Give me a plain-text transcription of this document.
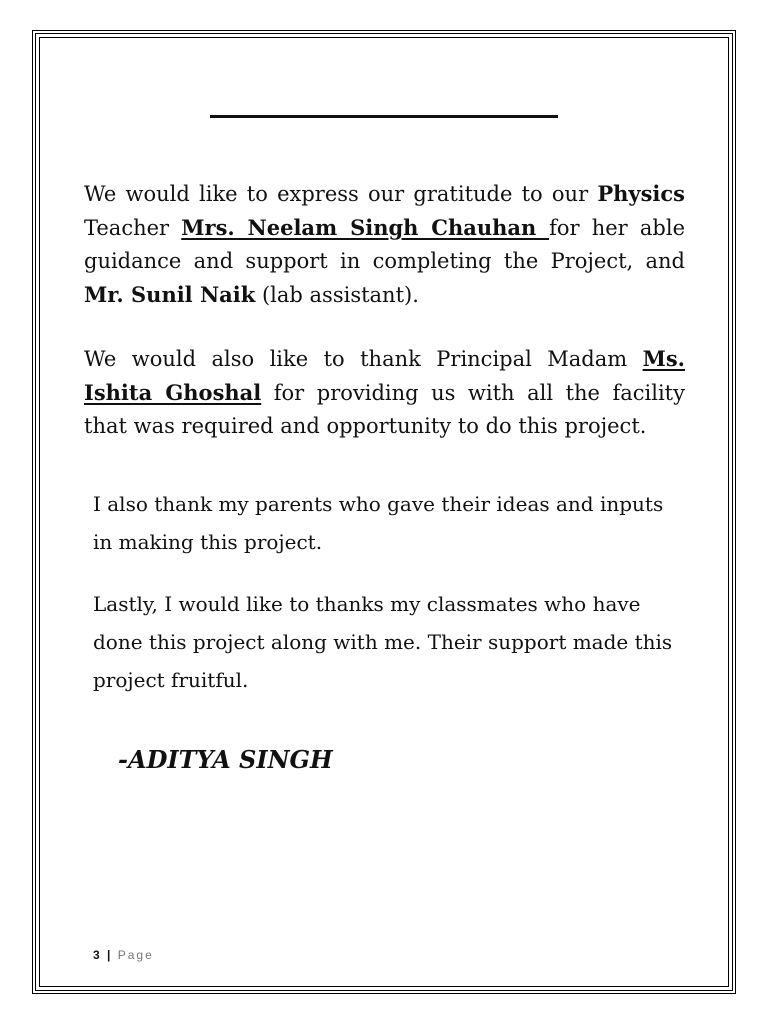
We would like to express our gratitude to our Physics Teacher Mrs. Neelam Singh Chauhan for her able guidance and support in completing the Project, and Mr. Sunil Naik (lab assistant).
We would also like to thank Principal Madam Ms. Ishita Ghoshal for providing us with all the facility that was required and opportunity to do this project.
I also thank my parents who gave their ideas and inputs in making this project.
Lastly, I would like to thanks my classmates who have done this project along with me. Their support made this project fruitful.
-ADITYA SINGH
3 | Page
